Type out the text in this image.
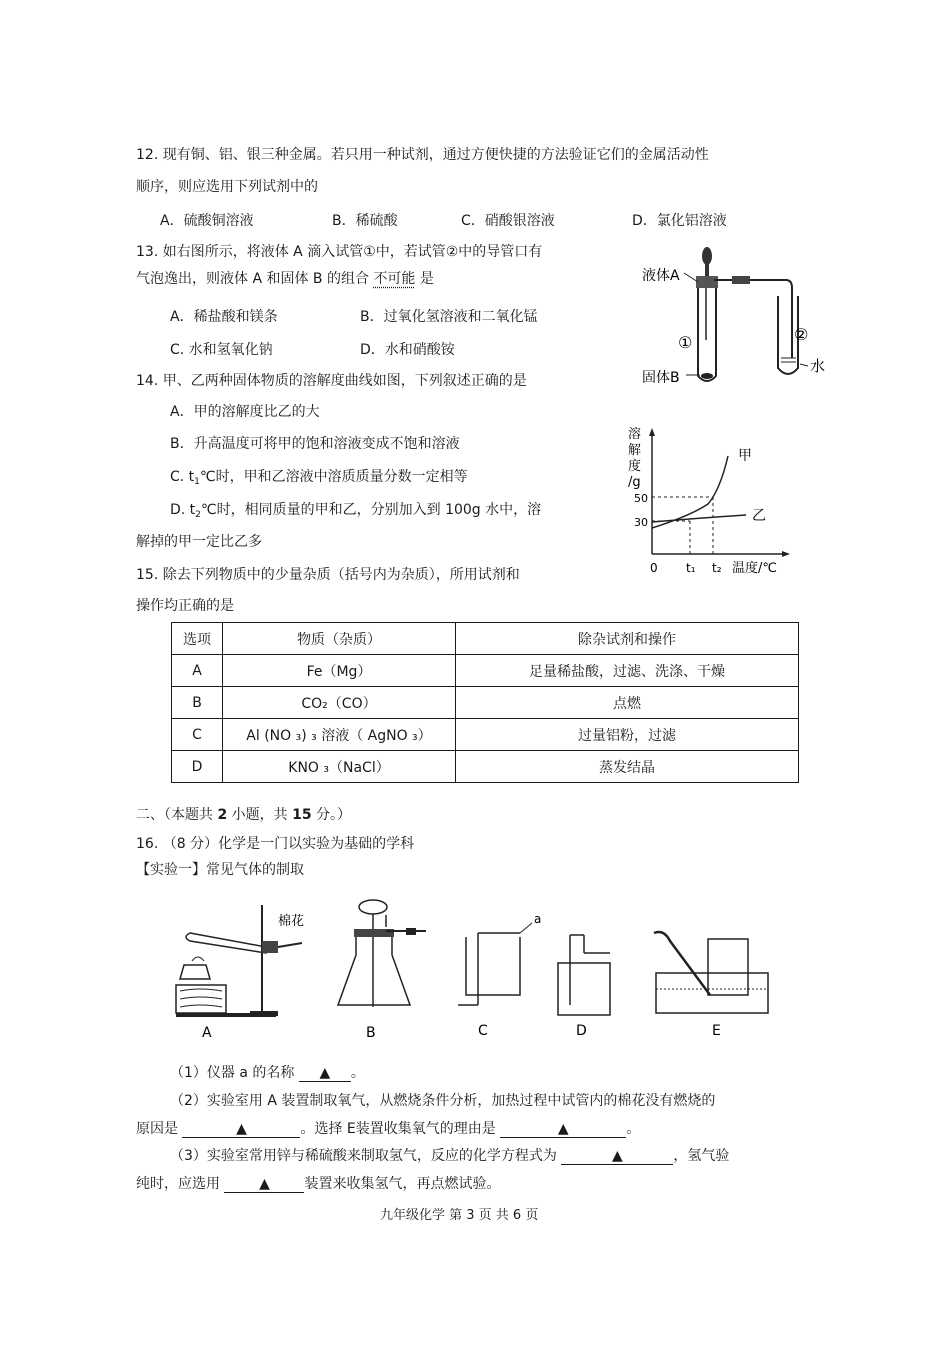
12. 现有铜、铝、银三种金属。若只用一种试剂，通过方便快捷的方法验证它们的金属活动性
顺序，则应选用下列试剂中的
A．硫酸铜溶液	B．稀硫酸	C．硝酸银溶液	D．氯化铝溶液
13. 如右图所示，将液体 A 滴入试管①中，若试管②中的导管口有
气泡逸出，则液体 A 和固体 B 的组合 不可能 是
A．稀盐酸和镁条	B．过氧化氢溶液和二氧化锰
C. 水和氢氧化钠	D．水和硝酸铵
液体A
固体B
①	②
水
14. 甲、乙两种固体物质的溶解度曲线如图，下列叙述正确的是
A．甲的溶解度比乙的大
B．升高温度可将甲的饱和溶液变成不饱和溶液
C. $t_1℃$时，甲和乙溶液中溶质质量分数一定相等
D. $t_2℃$时，相同质量的甲和乙，分别加入到 100g 水中，溶
解掉的甲一定比乙多
溶
解
度
/g
50
30
0 t₁ t₂ 温度/℃
甲
乙
15. 除去下列物质中的少量杂质（括号内为杂质），所用试剂和
操作均正确的是
选项	物质（杂质）	除杂试剂和操作
A	Fe（Mg）	足量稀盐酸，过滤、洗涤、干燥
B	CO₂（CO）	点燃
C	Al (NO ₃) ₃ 溶液（ AgNO ₃）	过量铝粉，过滤
D	KNO ₃（NaCl）	蒸发结晶
二、（本题共 2 小题，共 15 分。）
16. （8 分）化学是一门以实验为基础的学科
【实验一】常见气体的制取
棉花
A	B
a
C	D	E
（1）仪器 a 的名称 ▲ 。
（2）实验室用 A 装置制取氧气，从燃烧条件分析，加热过程中试管内的棉花没有燃烧的
原因是	▲	。选择 E装置收集氧气的理由是	▲	。
（3）实验室常用锌与稀硫酸来制取氢气，反应的化学方程式为	▲	，氢气验
纯时，应选用 ▲ 装置来收集氢气，再点燃试验。
九年级化学 第 3 页 共 6 页
